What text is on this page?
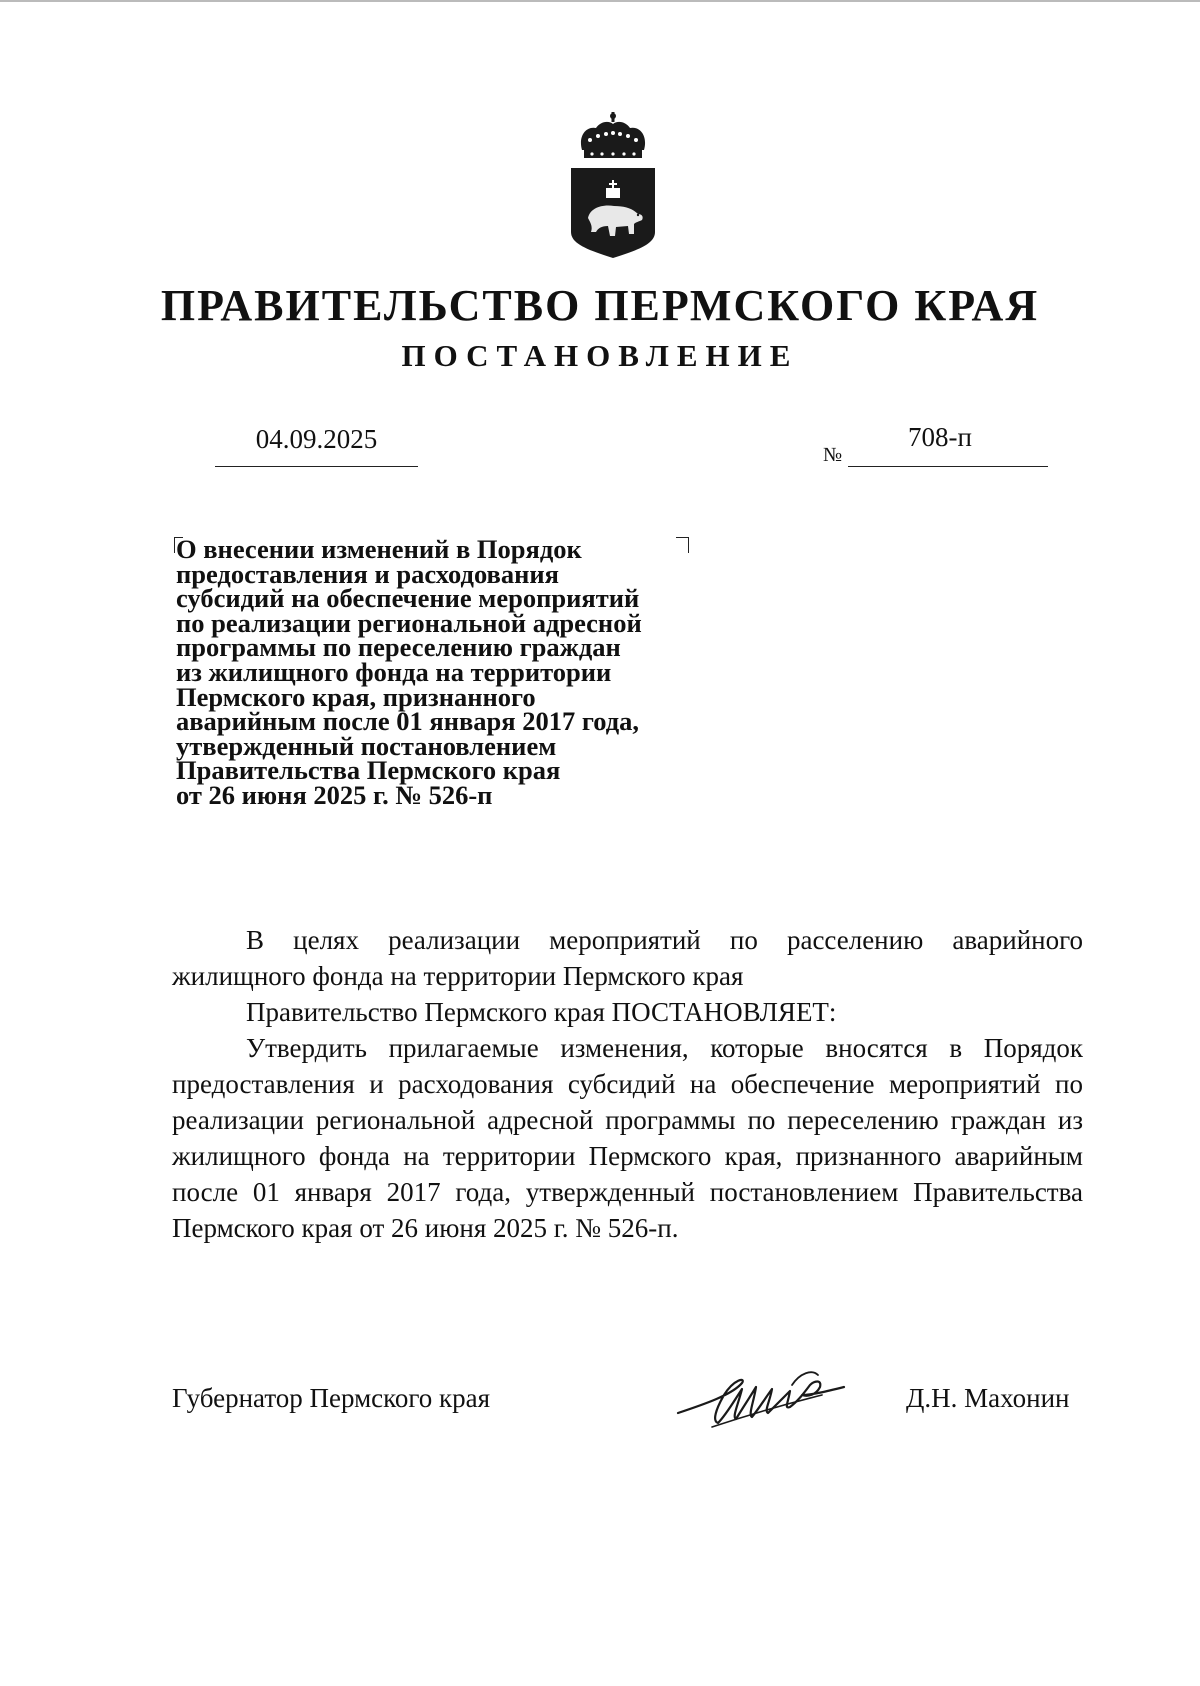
ПРАВИТЕЛЬСТВО ПЕРМСКОГО КРАЯ
ПОСТАНОВЛЕНИЕ
04.09.2025
№
708-п
О внесении изменений в Порядок
предоставления и расходования
субсидий на обеспечение мероприятий
по реализации региональной адресной
программы по переселению граждан
из жилищного фонда на территории
Пермского края, признанного
аварийным после 01 января 2017 года,
утвержденный постановлением
Правительства Пермского края
от 26 июня 2025 г. № 526-п

В целях реализации мероприятий по расселению аварийного жилищного фонда на территории Пермского края

Правительство Пермского края ПОСТАНОВЛЯЕТ:

Утвердить прилагаемые изменения, которые вносятся в Порядок предоставления и расходования субсидий на обеспечение мероприятий по реализации региональной адресной программы по переселению граждан из жилищного фонда на территории Пермского края, признанного аварийным после 01 января 2017 года, утвержденный постановлением Правительства Пермского края от 26 июня 2025 г. № 526-п.

Губернатор Пермского края	Д.Н. Махонин
